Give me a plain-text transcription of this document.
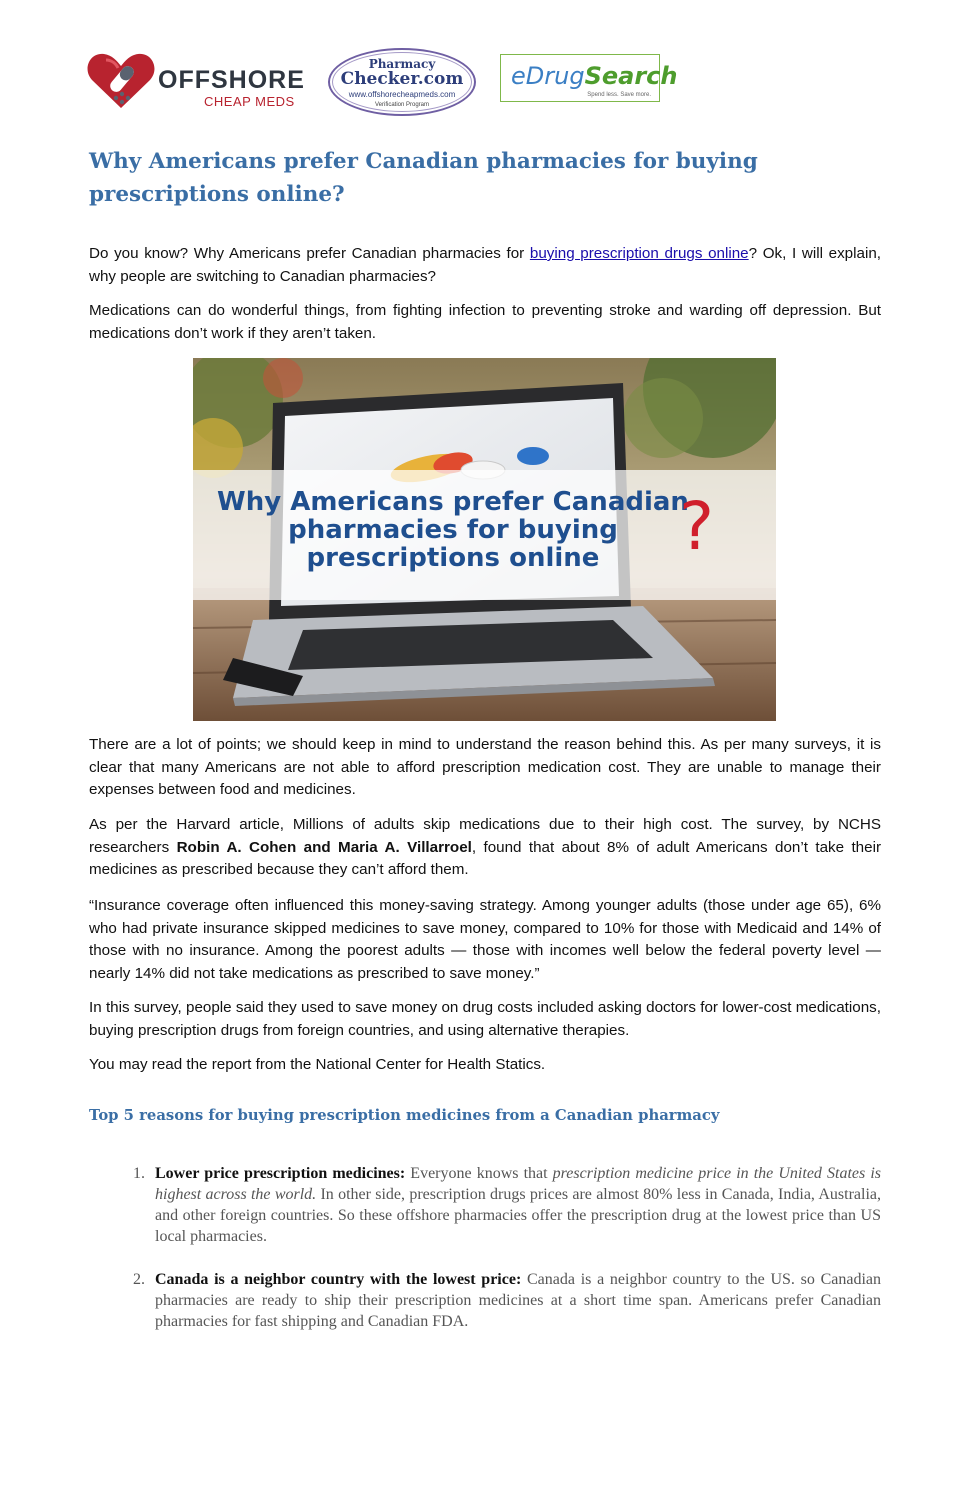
OFFSHORE
CHEAP MEDS
Pharmacy
Checker.com
www.offshorecheapmeds.com
Verification Program
eDrugSearch
Spend less. Save more.
Why Americans prefer Canadian pharmacies for buying prescriptions online?

Do you know? Why Americans prefer Canadian pharmacies for buying prescription drugs online? Ok, I will explain, why people are switching to Canadian pharmacies?

Medications can do wonderful things, from fighting infection to preventing stroke and warding off depression. But medications don’t work if they aren’t taken.

Why Americans prefer Canadian
pharmacies for buying
prescriptions online	?

There are a lot of points; we should keep in mind to understand the reason behind this. As per many surveys, it is clear that many Americans are not able to afford prescription medication cost. They are unable to manage their expenses between food and medicines.

As per the Harvard article, Millions of adults skip medications due to their high cost. The survey, by NCHS researchers Robin A. Cohen and Maria A. Villarroel, found that about 8% of adult Americans don’t take their medicines as prescribed because they can’t afford them.

“Insurance coverage often influenced this money-saving strategy. Among younger adults (those under age 65), 6% who had private insurance skipped medicines to save money, compared to 10% for those with Medicaid and 14% of those with no insurance. Among the poorest adults — those with incomes well below the federal poverty level — nearly 14% did not take medications as prescribed to save money.”

In this survey, people said they used to save money on drug costs included asking doctors for lower-cost medications, buying prescription drugs from foreign countries, and using alternative therapies.

You may read the report from the National Center for Health Statics.

Top 5 reasons for buying prescription medicines from a Canadian pharmacy
1. Lower price prescription medicines: Everyone knows that prescription medicine price in the United States is highest across the world. In other side, prescription drugs prices are almost 80% less in Canada, India, Australia, and other foreign countries. So these offshore pharmacies offer the prescription drug at the lowest price than US local pharmacies.
2. Canada is a neighbor country with the lowest price: Canada is a neighbor country to the US. so Canadian pharmacies are ready to ship their prescription medicines at a short time span. Americans prefer Canadian pharmacies for fast shipping and Canadian FDA.
